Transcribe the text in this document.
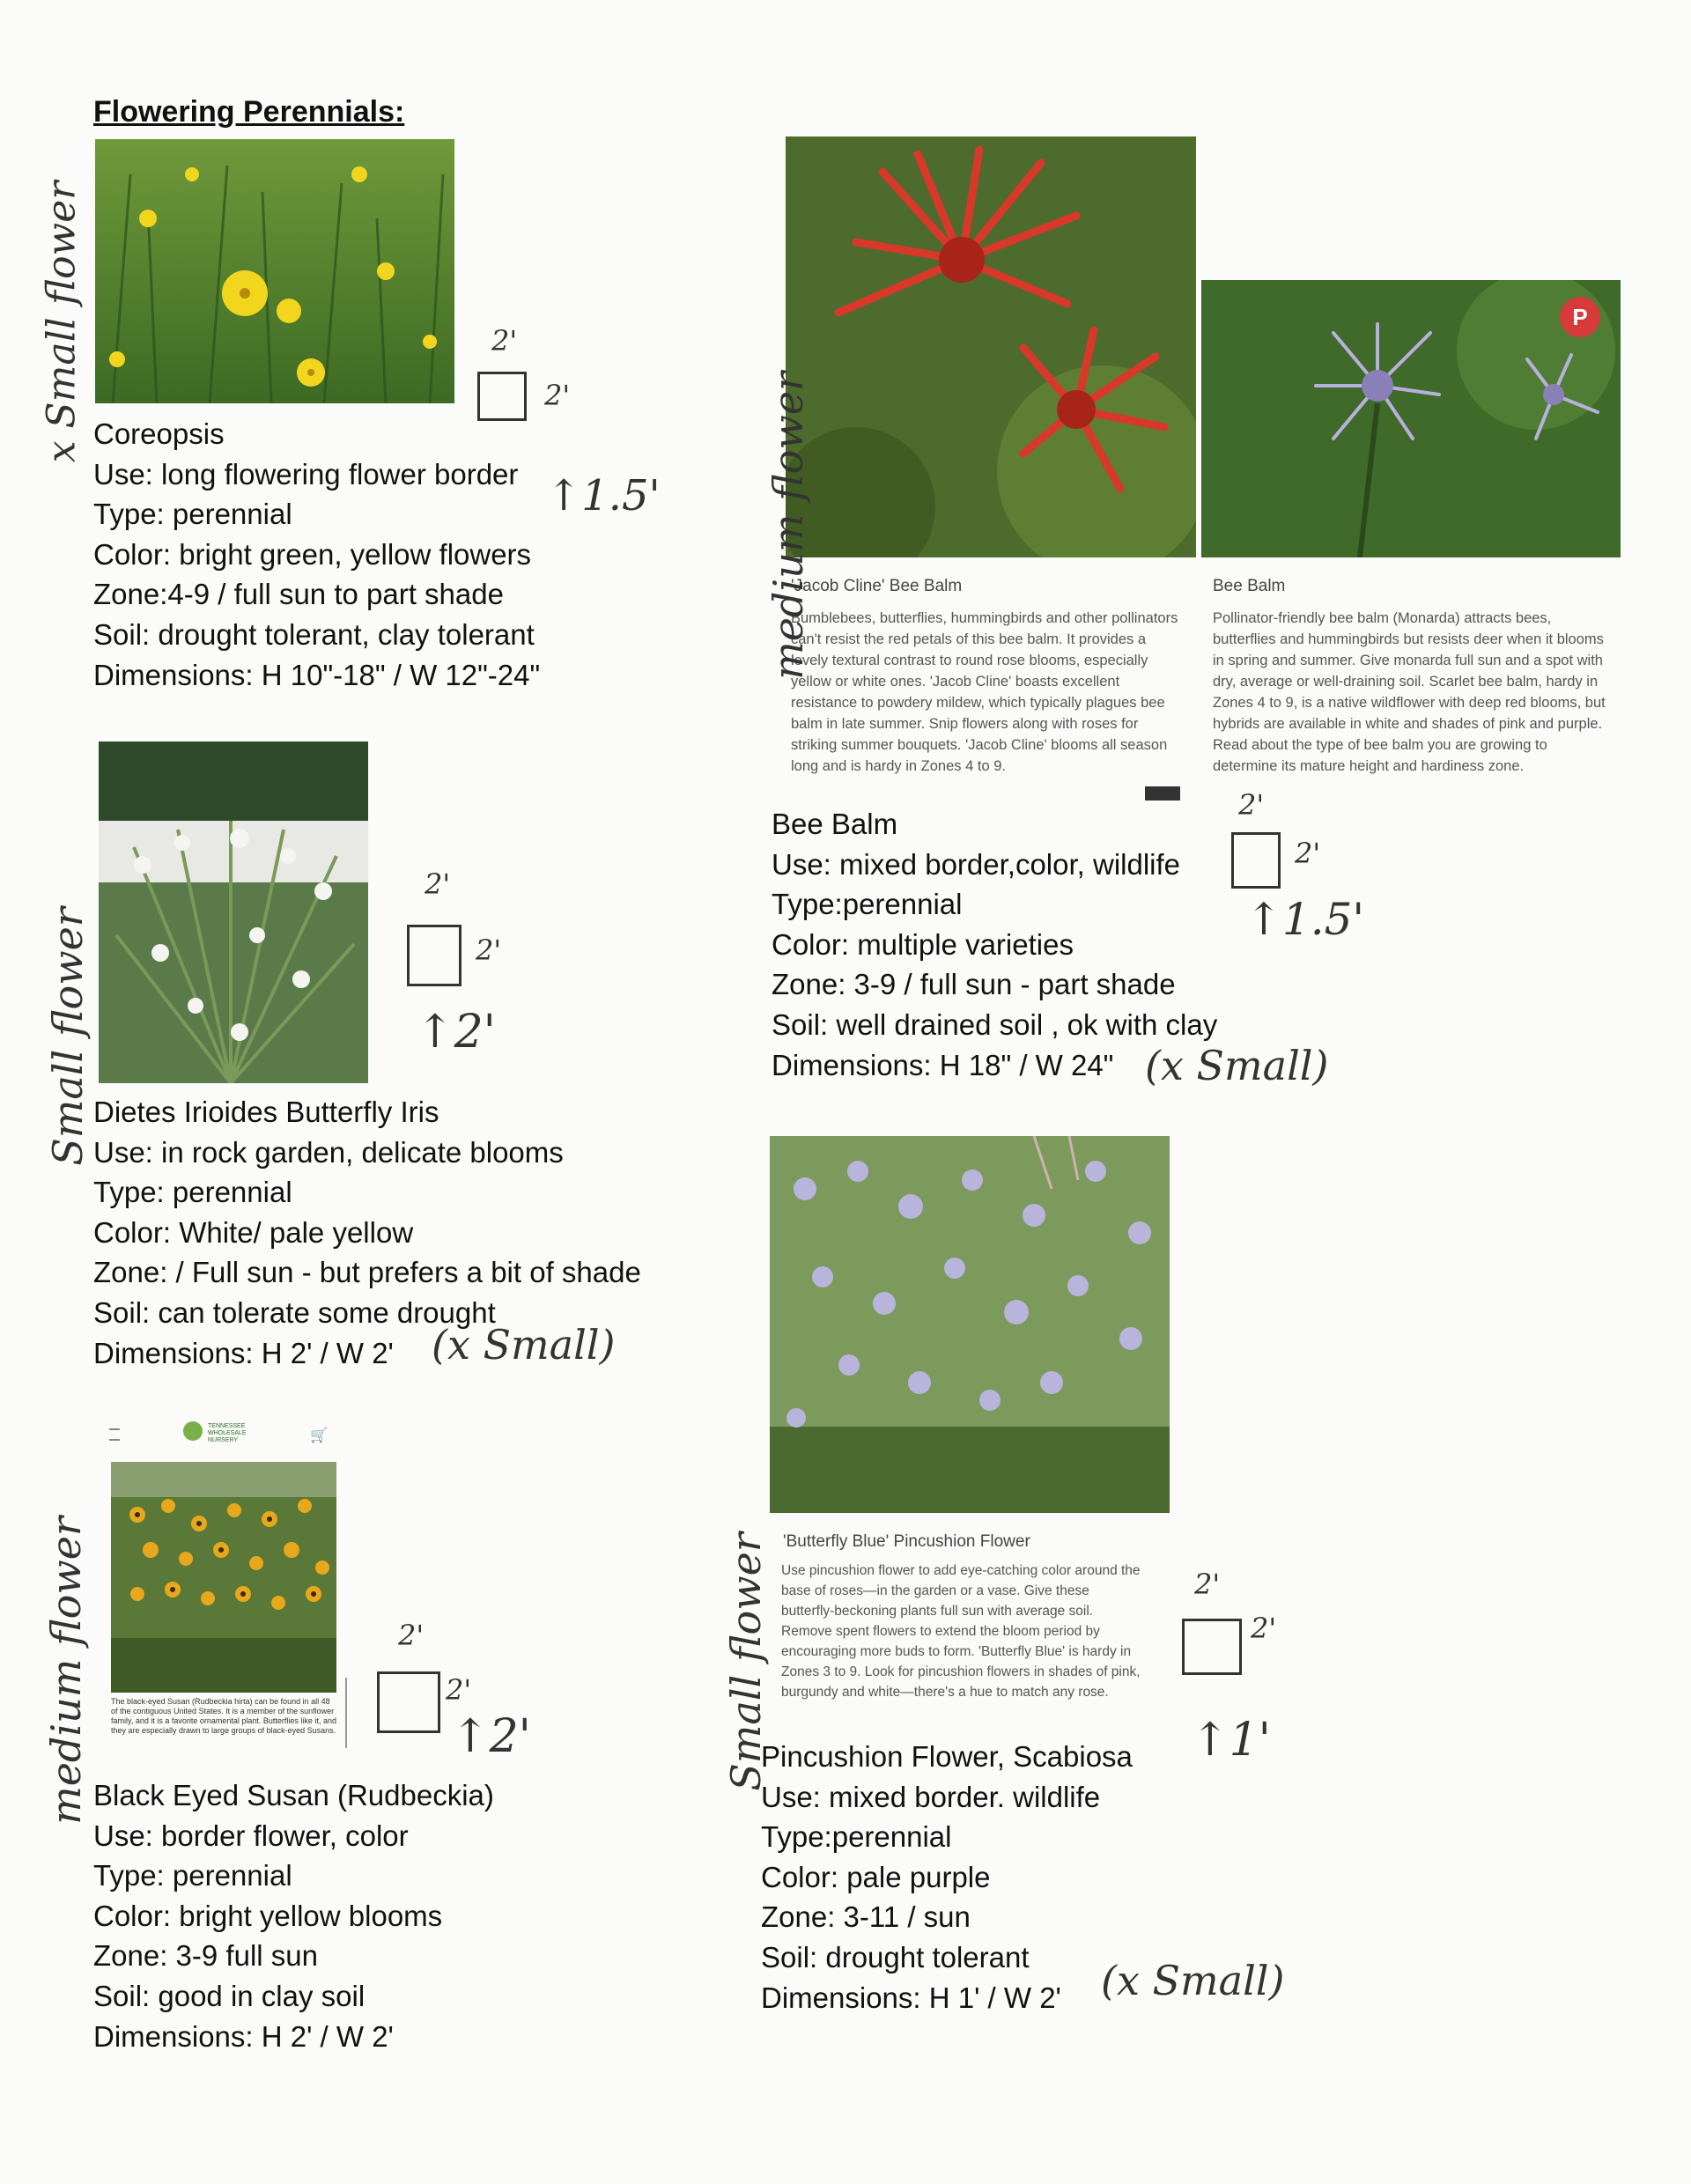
Flowering Perennials:
Coreopsis
Use: long flowering flower border
Type: perennial
Color: bright green, yellow flowers
Zone:4-9 / full sun to part shade
Soil: drought tolerant, clay tolerant
Dimensions: H 10"-18" / W 12"-24"
x Small flower	2'
2'
↑1.5'
P
'Jacob Cline' Bee Balm
Bumblebees, butterflies, hummingbirds and other pollinators can't resist the red petals of this bee balm. It provides a lovely textural contrast to round rose blooms, especially yellow or white ones. 'Jacob Cline' boasts excellent resistance to powdery mildew, which typically plagues bee balm in late summer. Snip flowers along with roses for striking summer bouquets. 'Jacob Cline' blooms all season long and is hardy in Zones 4 to 9.
Bee Balm
Pollinator-friendly bee balm (Monarda) attracts bees, butterflies and hummingbirds but resists deer when it blooms in spring and summer. Give monarda full sun and a spot with dry, average or well-draining soil. Scarlet bee balm, hardy in Zones 4 to 9, is a native wildflower with deep red blooms, but hybrids are available in white and shades of pink and purple. Read about the type of bee balm you are growing to determine its mature height and hardiness zone.
Bee Balm
Use: mixed border,color, wildlife
Type:perennial
Color: multiple varieties
Zone: 3-9 / full sun - part shade
Soil: well drained soil , ok with clay
Dimensions: H 18" / W 24" (x Small)
medium flower
2'
2'
↑1.5'
Dietes Irioides Butterfly Iris
Use: in rock garden, delicate blooms
Type: perennial
Color: White/ pale yellow
Zone: / Full sun - but prefers a bit of shade
Soil: can tolerate some drought
Dimensions: H 2' / W 2' (x Small)
Small flower
2'
2'
↑2'
'Butterfly Blue' Pincushion Flower
Use pincushion flower to add eye-catching color around the base of roses—in the garden or a vase. Give these butterfly-beckoning plants full sun with average soil. Remove spent flowers to extend the bloom period by encouraging more buds to form. 'Butterfly Blue' is hardy in Zones 3 to 9. Look for pincushion flowers in shades of pink, burgundy and white—there's a hue to match any rose.
Pincushion Flower, Scabiosa
Use: mixed border. wildlife
Type:perennial
Color: pale purple
Zone: 3-11 / sun
Soil: drought tolerant
Dimensions: H 1' / W 2' (x Small)
Small flower	2'
2'
↑1'
TENNESSEE WHOLESALE NURSERY	🛒
The black-eyed Susan (Rudbeckia hirta) can be found in all 48 of the contiguous United States. It is a member of the sunflower family, and it is a favorite ornamental plant. Butterflies like it, and they are especially drawn to large groups of black-eyed Susans.
Black Eyed Susan (Rudbeckia)
Use: border flower, color
Type: perennial
Color: bright yellow blooms
Zone: 3-9 full sun
Soil: good in clay soil
Dimensions: H 2' / W 2'
medium flower	2'
2'
↑2'
